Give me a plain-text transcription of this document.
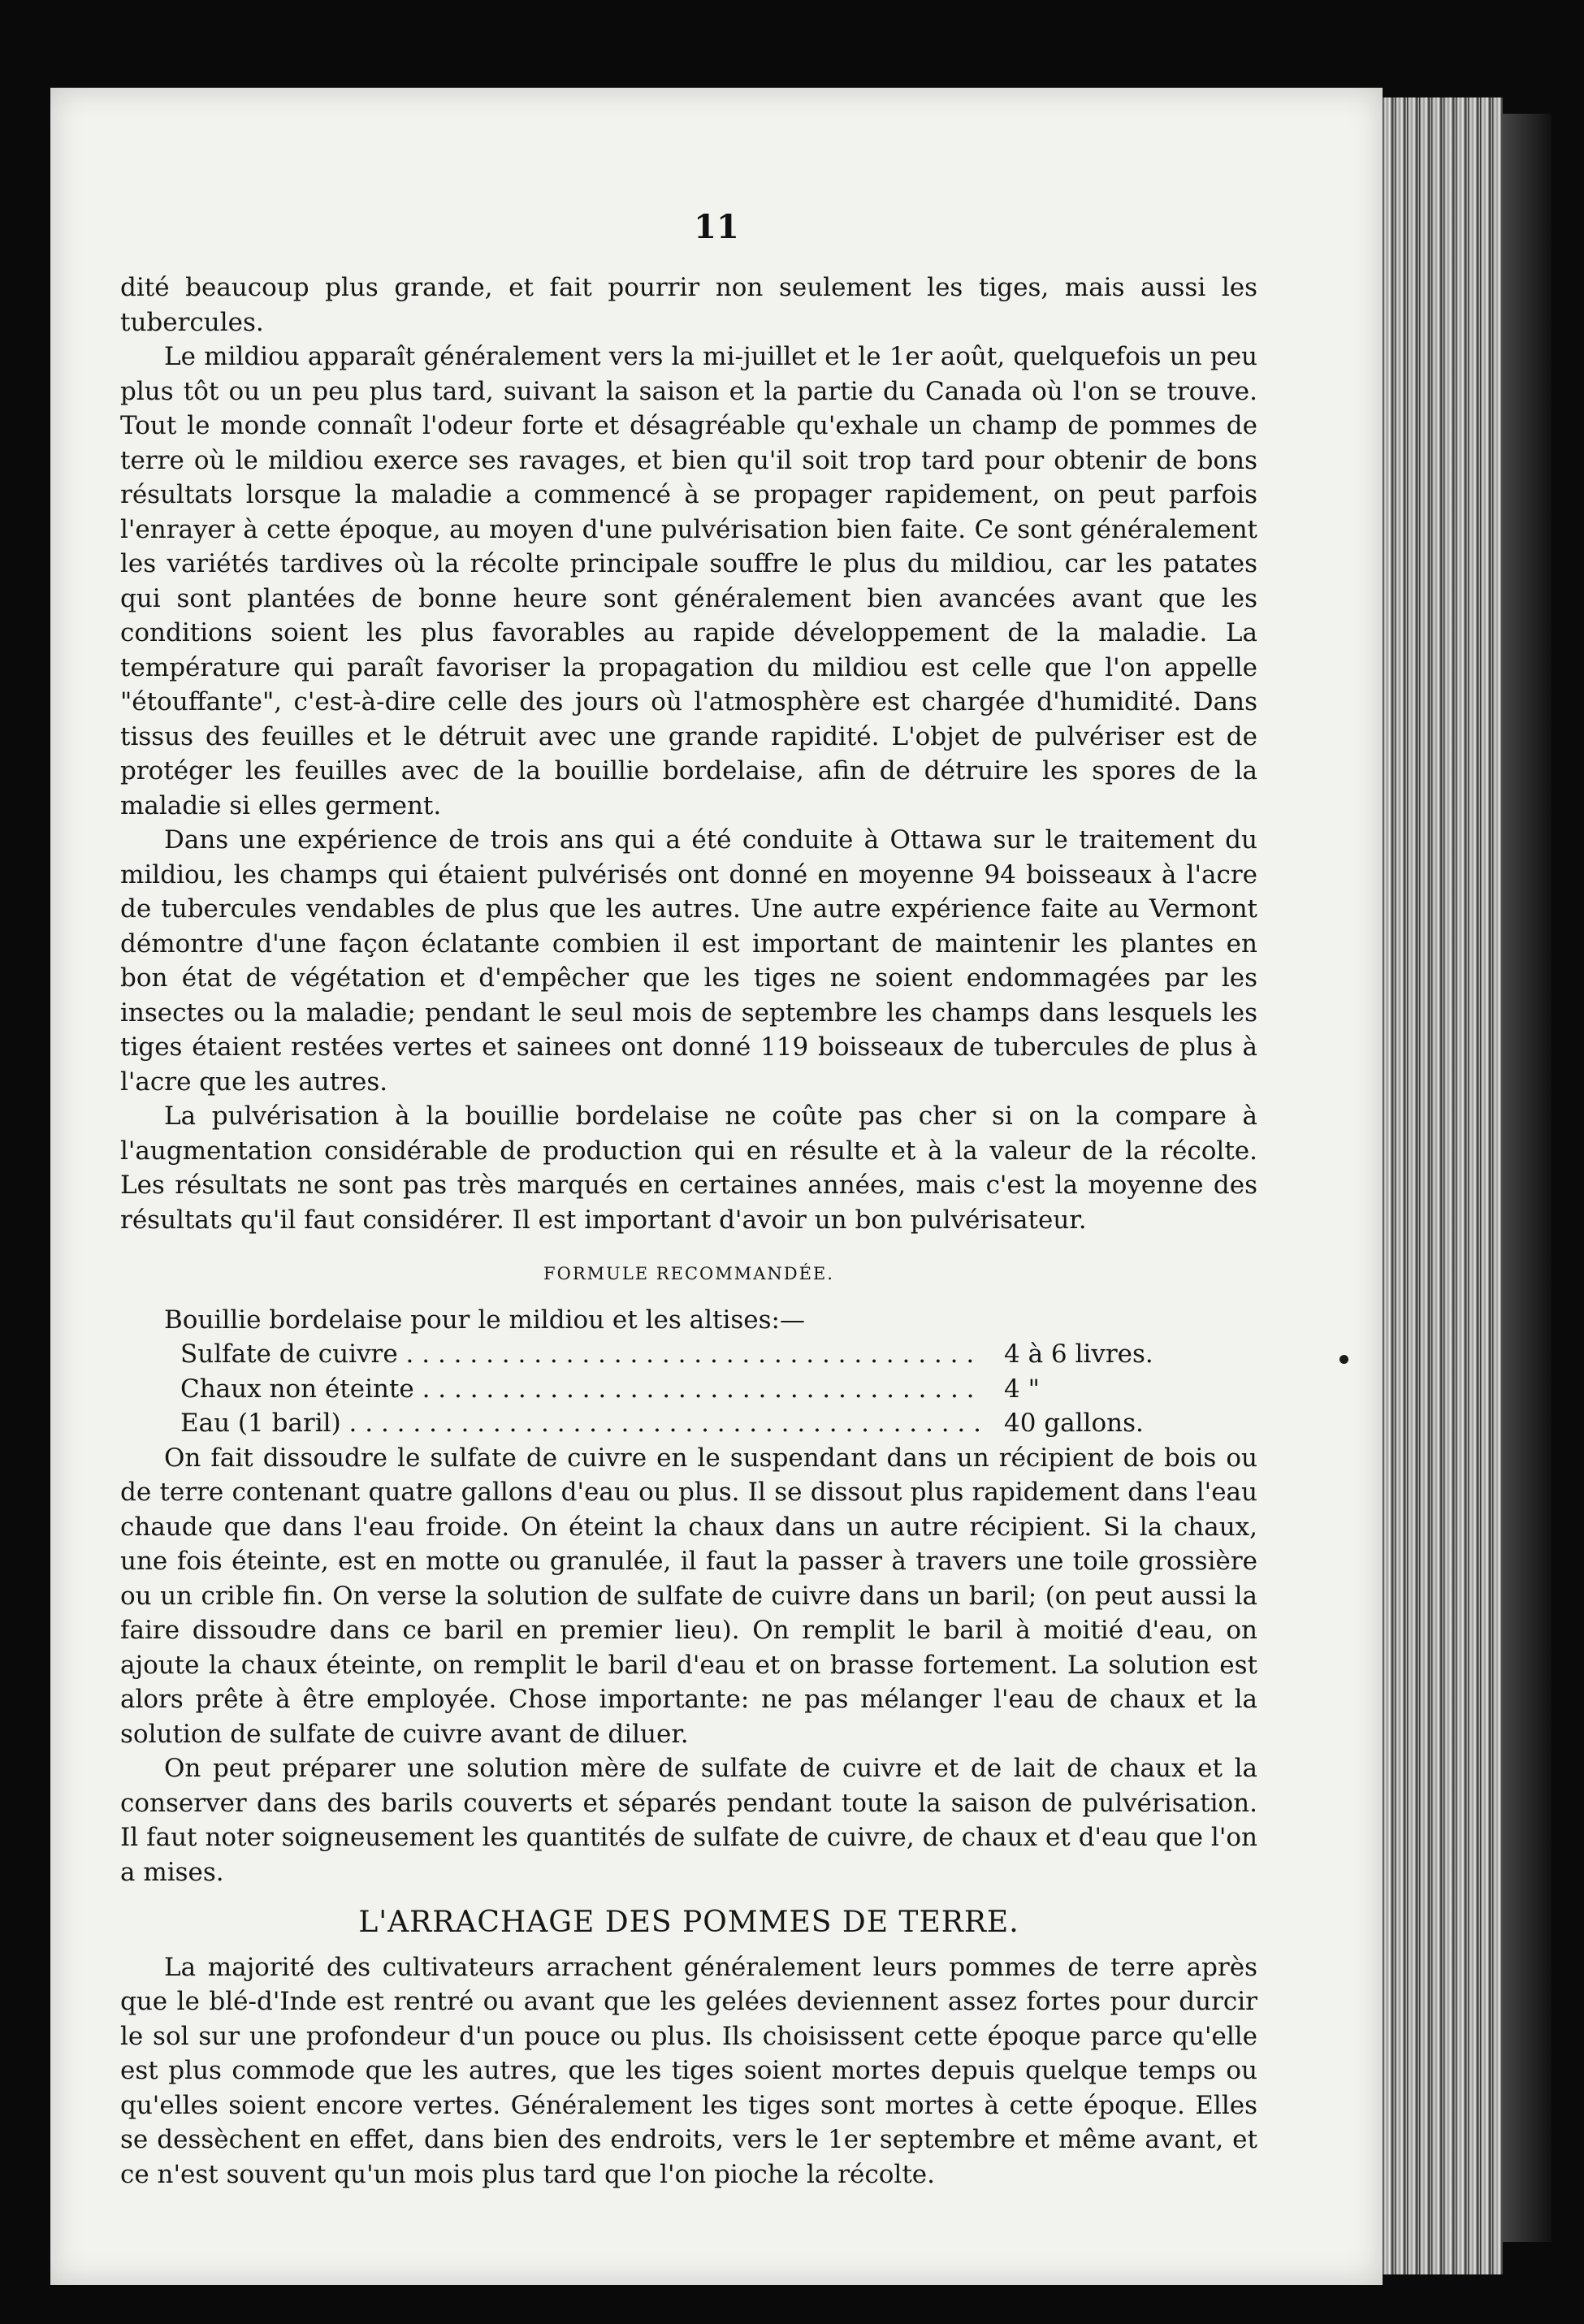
11

dité beaucoup plus grande, et fait pourrir non seulement les tiges, mais aussi les tubercules.

Le mildiou apparaît généralement vers la mi-juillet et le 1er août, quelquefois un peu plus tôt ou un peu plus tard, suivant la saison et la partie du Canada où l'on se trouve. Tout le monde connaît l'odeur forte et désagréable qu'exhale un champ de pommes de terre où le mildiou exerce ses ravages, et bien qu'il soit trop tard pour obtenir de bons résultats lorsque la maladie a commencé à se propager rapidement, on peut parfois l'enrayer à cette époque, au moyen d'une pulvérisation bien faite. Ce sont généralement les variétés tardives où la récolte principale souffre le plus du mildiou, car les patates qui sont plantées de bonne heure sont généralement bien avancées avant que les conditions soient les plus favorables au rapide développement de la maladie. La température qui paraît favoriser la propagation du mildiou est celle que l'on appelle "étouffante", c'est-à-dire celle des jours où l'atmosphère est chargée d'humidité. Dans tissus des feuilles et le détruit avec une grande rapidité. L'objet de pulvériser est de protéger les feuilles avec de la bouillie bordelaise, afin de détruire les spores de la maladie si elles germent.

Dans une expérience de trois ans qui a été conduite à Ottawa sur le traitement du mildiou, les champs qui étaient pulvérisés ont donné en moyenne 94 boisseaux à l'acre de tubercules vendables de plus que les autres. Une autre expérience faite au Vermont démontre d'une façon éclatante combien il est important de maintenir les plantes en bon état de végétation et d'empêcher que les tiges ne soient endommagées par les insectes ou la maladie; pendant le seul mois de septembre les champs dans lesquels les tiges étaient restées vertes et sainees ont donné 119 boisseaux de tubercules de plus à l'acre que les autres.

La pulvérisation à la bouillie bordelaise ne coûte pas cher si on la compare à l'augmentation considérable de production qui en résulte et à la valeur de la récolte. Les résultats ne sont pas très marqués en certaines années, mais c'est la moyenne des résultats qu'il faut considérer. Il est important d'avoir un bon pulvérisateur.

FORMULE RECOMMANDÉE.

Bouillie bordelaise pour le mildiou et les altises:—

Sulfate de cuivre . . .	4 à 6 livres.
Chaux non éteinte . . .	4 "
Eau (1 baril) . . .	40 gallons.

On fait dissoudre le sulfate de cuivre en le suspendant dans un récipient de bois ou de terre contenant quatre gallons d'eau ou plus. Il se dissout plus rapidement dans l'eau chaude que dans l'eau froide. On éteint la chaux dans un autre récipient. Si la chaux, une fois éteinte, est en motte ou granulée, il faut la passer à travers une toile grossière ou un crible fin. On verse la solution de sulfate de cuivre dans un baril; (on peut aussi la faire dissoudre dans ce baril en premier lieu). On remplit le baril à moitié d'eau, on ajoute la chaux éteinte, on remplit le baril d'eau et on brasse fortement. La solution est alors prête à être employée. Chose importante: ne pas mélanger l'eau de chaux et la solution de sulfate de cuivre avant de diluer.

On peut préparer une solution mère de sulfate de cuivre et de lait de chaux et la conserver dans des barils couverts et séparés pendant toute la saison de pulvérisation. Il faut noter soigneusement les quantités de sulfate de cuivre, de chaux et d'eau que l'on a mises.

L'ARRACHAGE DES POMMES DE TERRE.

La majorité des cultivateurs arrachent généralement leurs pommes de terre après que le blé-d'Inde est rentré ou avant que les gelées deviennent assez fortes pour durcir le sol sur une profondeur d'un pouce ou plus. Ils choisissent cette époque parce qu'elle est plus commode que les autres, que les tiges soient mortes depuis quelque temps ou qu'elles soient encore vertes. Généralement les tiges sont mortes à cette époque. Elles se dessèchent en effet, dans bien des endroits, vers le 1er septembre et même avant, et ce n'est souvent qu'un mois plus tard que l'on pioche la récolte.
